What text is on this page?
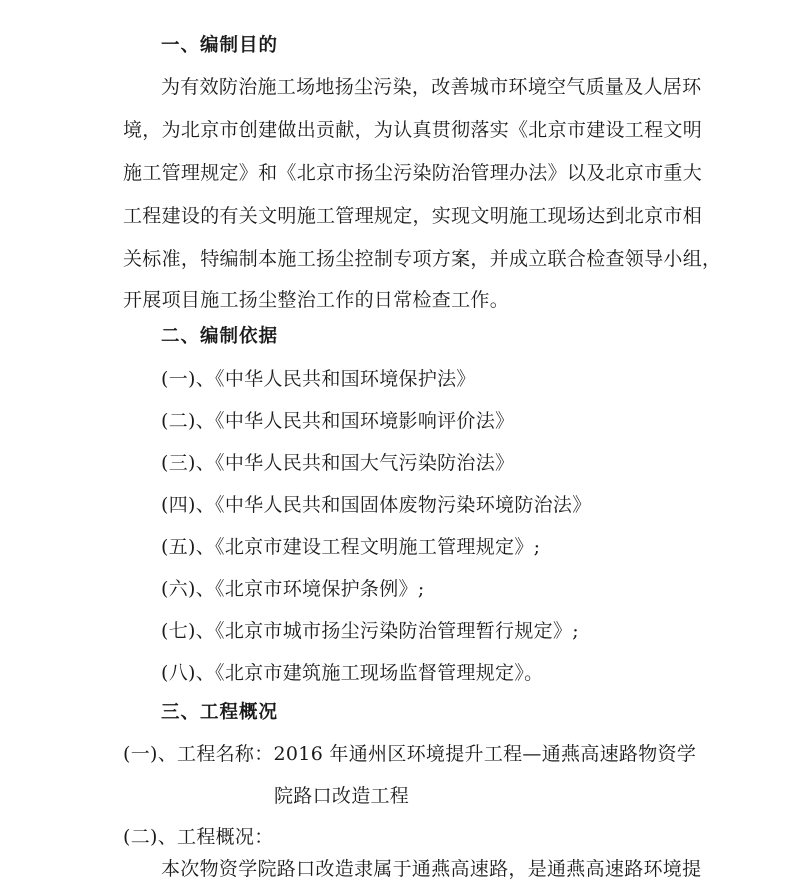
一、编制目的
为有效防治施工场地扬尘污染，改善城市环境空气质量及人居环
境，为北京市创建做出贡献，为认真贯彻落实《北京市建设工程文明
施工管理规定》和《北京市扬尘污染防治管理办法》以及北京市重大
工程建设的有关文明施工管理规定，实现文明施工现场达到北京市相
关标准，特编制本施工扬尘控制专项方案，并成立联合检查领导小组，
开展项目施工扬尘整治工作的日常检查工作。
二、编制依据
(一)、《中华人民共和国环境保护法》
(二)、《中华人民共和国环境影响评价法》
(三)、《中华人民共和国大气污染防治法》
(四)、《中华人民共和国固体废物污染环境防治法》
(五)、《北京市建设工程文明施工管理规定》;
(六)、《北京市环境保护条例》;
(七)、《北京市城市扬尘污染防治管理暂行规定》;
(八)、《北京市建筑施工现场监督管理规定》。
三、工程概况
(一)、工程名称：2016 年通州区环境提升工程—通燕高速路物资学
院路口改造工程
(二)、工程概况：
本次物资学院路口改造隶属于通燕高速路，是通燕高速路环境提
